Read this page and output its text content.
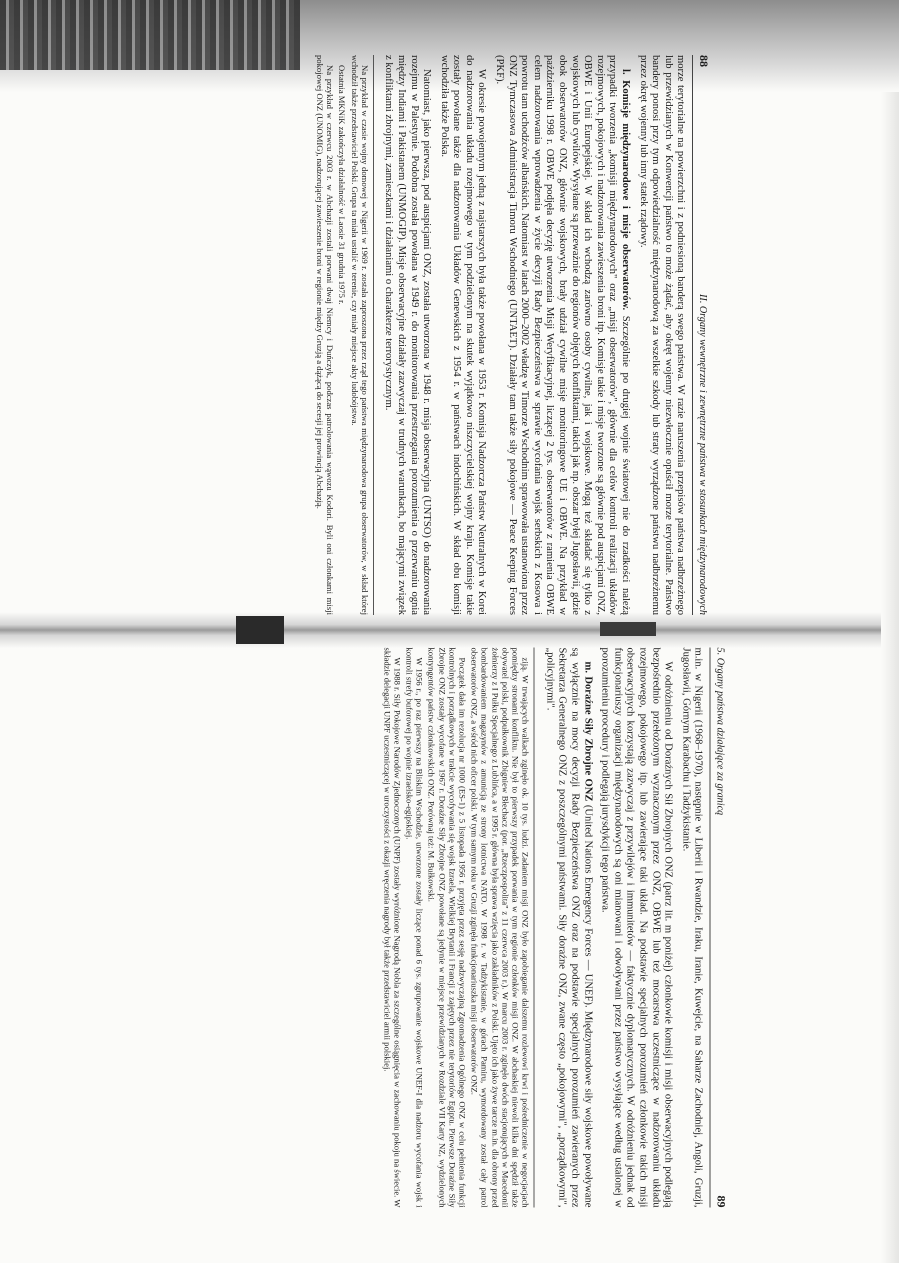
88
II. Organy wewnętrzne i zewnętrzne państwa w stosunkach międzynarodowych

morze terytorialne na powierzchni i z podniesioną banderą swego państwa. W razie naruszenia przepisów państwa nadbrzeżnego lub przewidzianych w Konwencji państwo to może żądać, aby okręt wojenny niezwłocznie opuścił morze terytorialne. Państwo bandery ponosi przy tym odpowiedzialność międzynarodową za wszelkie szkody lub straty wyrządzone państwu nadbrzeżnemu przez okręt wojenny lub inny statek rządowy.

l. Komisje międzynarodowe i misje obserwatorów. Szczególnie po drugiej wojnie światowej nie do rzadkości należą przypadki tworzenia „komisji międzynarodowych" oraz „misji obserwatorów", głównie dla celów kontroli realizacji układów rozejmowych, pokojowych i nadzorowania zawieszenia broni itp. Komisje takie i misje tworzone są głównie pod auspicjami ONZ, OBWE i Unii Europejskiej. W skład ich wchodzą zarówno osoby cywilne, jak i wojskowe. Mogą też składać się tylko z wojskowych lub cywilów. Wysyłane są przeważnie do regionów objętych konfliktami, takich jak np. obszar byłej Jugosławii, gdzie obok obserwatorów ONZ, głównie wojskowych, brały udział cywilne misje monitoringowe UE i OBWE. Na przykład w październiku 1998 r. OBWE podjęła decyzję utworzenia Misji Weryfikacyjnej, liczącej 2 tys. obserwatorów z ramienia OBWE celem nadzorowania wprowadzenia w życie decyzji Rady Bezpieczeństwa w sprawie wycofania wojsk serbskich z Kosowa i powrotu tam uchodźców albańskich. Natomiast w latach 2000–2002 władzę w Timorze Wschodnim sprawowała ustanowiona przez ONZ Tymczasowa Administracja Timoru Wschodniego (UNTAET). Działały tam także siły pokojowe — Peace Keeping Forces (PKF).

W okresie powojennym jedną z najstarszych była także powołana w 1953 r. Komisja Nadzorcza Państw Neutralnych w Korei do nadzorowania układu rozejmowego w tym podzielonym na skutek wyjątkowo niszczycielskiej wojny kraju. Komisje takie zostały powołane także dla nadzorowania Układów Genewskich z 1954 r. w państwach indochińskich. W skład obu komisji wchodziła także Polska.

Natomiast, jako pierwsza, pod auspicjami ONZ, została utworzona w 1948 r. misja obserwacyjna (UNTSO) do nadzorowania rozejmu w Palestynie. Podobna została powołana w 1949 r. do monitorowania przestrzegania porozumienia o przerwaniu ognia między Indiami i Pakistanem (UNMOGIP). Misje obserwacyjne działały zazwyczaj w trudnych warunkach, bo mającymi związek z konfliktami zbrojnymi, zamieszkami i działaniami o charakterze terrorystycznym.

Na przykład w czasie wojny domowej w Nigerii w 1969 r. została zaproszona przez rząd tego państwa międzynarodowa grupa obserwatorów, w skład której wchodził także przedstawiciel Polski. Grupa ta miała ustalić w terenie, czy miały miejsce akty ludobójstwa.

Ostatnia MKNiK zakończyła działalność w Laosie 31 grudnia 1975 r.

Na przykład w czerwcu 2003 r. w Abchazji zostali porwani dwaj Niemcy i Duńczyk, podczas patrolowania wąwozu Kodori. Byli oni członkami misji pokojowej ONZ (UNOMIG), nadzorującej zawieszenie broni w regionie między Gruzją a dążącą do secesji jej prowincją Abchazją.

5. Organy państwa działające za granicą
89

m.in. w Nigerii (1968–1970), następnie w Liberii i Rwandzie, Iraku, Iranie, Kuwejcie, na Saharze Zachodniej, Angoli, Gruzji, Jugosławii, Górnym Karabachu i Tadżykistanie.

W odróżnieniu od Doraźnych Sił Zbrojnych ONZ (patrz lit. m poniżej) członkowie komisji i misji obserwacyjnych podlegają bezpośrednio przełożonym wyznaczonym przez ONZ, OBWE lub też mocarstwa uczestniczące w nadzorowaniu układu rozejmowego, pokojowego itp. lub zawierające taki układ. Na podstawie specjalnych porozumień członkowie takich misji obserwacyjnych korzystają zazwyczaj z przywilejów i immunitetów — faktycznie dyplomatycznych. W odróżnieniu jednak od funkcjonariuszy organizacji międzynarodowych są oni mianowani i odwoływani przez państwo wysyłające według ustalonej w porozumieniu procedury i podlegają jurysdykcji tego państwa.

m. Doraźne Siły Zbrojne ONZ (United Nations Emergency Forces — UNEF). Międzynarodowe siły wojskowe powoływane są wyłącznie na mocy decyzji Rady Bezpieczeństwa ONZ oraz na podstawie specjalnych porozumień zawieranych przez Sekretarza Generalnego ONZ z poszczególnymi państwami. Siły doraźne ONZ, zwane często „pokojowymi", „porządkowymi", „policyjnymi".

ziją. W trwających walkach zginęło ok. 10 tys. ludzi. Zadaniem misji ONZ było zapobieganie dalszemu rozlewowi krwi i pośredniczenie w negocjacjach pomiędzy stronami konfliktu. Nie był to pierwszy przypadek porwania w tym regionie członków misji ONZ. W abchaskiej niewoli kilka dni spędził także obywatel polski, podpułkownik Zbigniew Błechacz (por. „Rzeczpospolita" z 11 czerwca 2003 r.). W marcu 2003 r. zginęło dwóch stacjonujących w Macedonii żołnierzy z I Pułku Specjalnego z Lublińca, a w 1995 r. główna była sprawa wzięcia jako zakładników z Polski. Ujęto ich jako żywe tarcze m.in. dla obrony przed bombardowaniem magazynów z amunicją ze strony lotnictwa NATO. W 1998 r. w Tadżykistanie, w górach Pamiru, wymordowany został cały patrol obserwatorów ONZ, a wśród nich oficer polski. W tym samym roku w Gruzji zginęła funkcjonariuszka misji obserwatorów ONZ.

Początek dała im rezolucja nr 1000 (ES-1) z 5 listopada 1956 r. przyjęta przez sesję nadzwyczajną Zgromadzenia Ogólnego ONZ w celu pełnienia funkcji kontrolnych i porządkowych w trakcie wycofywania się wojsk Izraela, Wielkiej Brytanii i Francji z zajętych przez nie terytoriów Egiptu. Pierwsze Doraźne Siły Zbrojne ONZ zostały wycofane w 1967 r. Doraźne Siły Zbrojne ONZ powołane są jedynie w miejsce przewidzianych w Rozdziale VII Karty NZ, wydzielonych kontyngentów państw członkowskich ONZ. Porównaj też: M. Bułkowski.

W 1956 r., po raz pierwszy na Bliskim Wschodzie, utworzone zostały liczące ponad 6 tys. zgrupowanie wojskowe UNEF-I dla nadzoru wycofania wojsk i kontroli strefy buforowej po wojnie izraelsko-egipskiej.

W 1988 r. Siły Pokojowe Narodów Zjednoczonych (UNPF) zostały wyróżnione Nagrodą Nobla za szczególne osiągnięcia w zachowaniu pokoju na świecie. W składzie delegacji UNPF uczestniczącej w uroczystości z okazji wręczenia nagrody był także przedstawiciel armii polskiej.
